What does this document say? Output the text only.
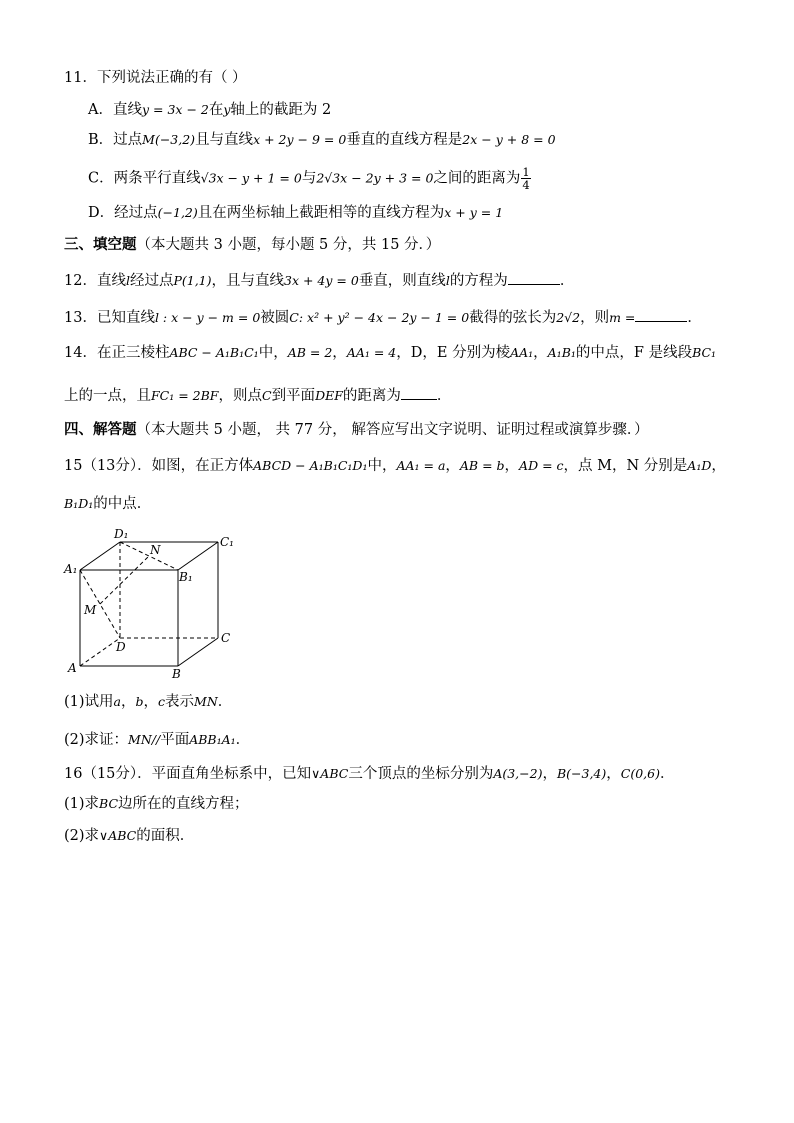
11．下列说法正确的有（ ）
A．直线y = 3x − 2在y轴上的截距为 2
B．过点M(−3,2)且与直线x + 2y − 9 = 0垂直的直线方程是2x − y + 8 = 0
C．两条平行直线√3x − y + 1 = 0与2√3x − 2y + 3 = 0之间的距离为 $\frac{1}{4}$
D．经过点(−1,2)且在两坐标轴上截距相等的直线方程为x + y = 1
三、填空题（本大题共 3 小题，每小题 5 分，共 15 分．）
12．直线l经过点P(1,1)，且与直线3x + 4y = 0垂直，则直线l的方程为	．
13．已知直线l : x − y − m = 0被圆C: x² + y² − 4x − 2y − 1 = 0截得的弦长为2√2，则m =	．
14．在正三棱柱ABC − A₁B₁C₁中，AB = 2，AA₁ = 4，D，E 分别为棱AA₁，A₁B₁的中点，F 是线段BC₁
上的一点，且FC₁ = 2BF，则点C到平面DEF的距离为 ．
四、解答题（本大题共 5 小题， 共 77 分， 解答应写出文字说明、证明过程或演算步骤．）
15（13分）．如图，在正方体ABCD − A₁B₁C₁D₁中，AA₁ = a，AB = b，AD = c，点 M，N 分别是A₁D，
B₁D₁的中点．
D₁
C₁
A₁
B₁
N
M
D
C
A	B
(1)试用a，b，c表示MN．
(2)求证：MN//平面ABB₁A₁．
16（15分）．平面直角坐标系中，已知∨ABC三个顶点的坐标分别为A(3,−2)，B(−3,4)，C(0,6)．
(1)求BC边所在的直线方程；
(2)求∨ABC的面积．
